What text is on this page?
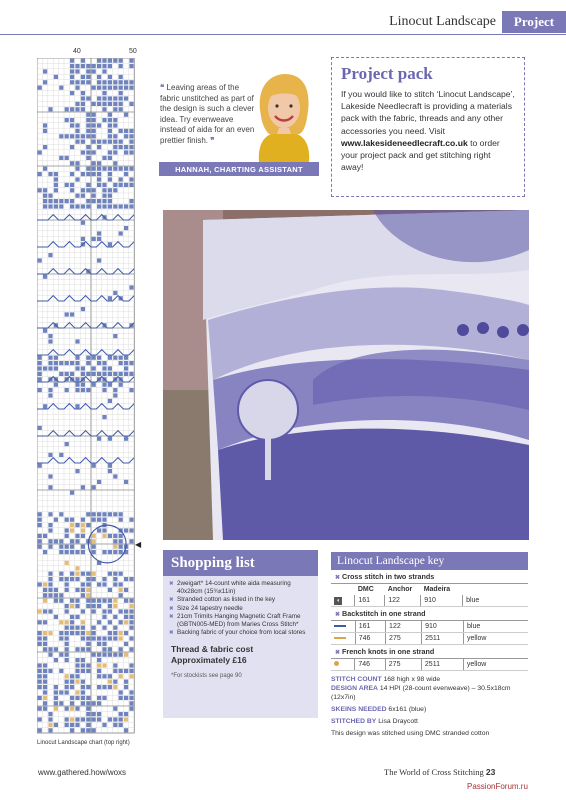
Linocut Landscape	Project
40	50
◀
Linocut Landscape chart (top right)
❝ Leaving areas of the fabric unstitched as part of the design is such a clever idea. Try evenweave instead of aida for an even prettier finish. ❞
HANNAH, CHARTING ASSISTANT
Project pack
If you would like to stitch ‘Linocut Landscape’, Lakeside Needlecraft is providing a materials pack with the fabric, threads and any other accessories you need. Visit www.lakesideneedlecraft.co.uk to order your project pack and get stitching right away!
Shopping list
✖ 2weigart* 14-count white aida measuring 40x28cm (15¾x11in)
✖ Stranded cotton as listed in the key
✖ Size 24 tapestry needle
✖ 21cm Trimits Hanging Magnetic Craft Frame (GBTN005-MED) from Maries Cross Stitch*
✖ Backing fabric of your choice from local stores
Thread & fabric cost
Approximately £16
*For stockists see page 90
Linocut Landscape key
✖ Cross stitch in two strands
	DMC	Anchor	Madeira	
◖	161	122	910	blue
✖ Backstitch in one strand
	161	122	910	blue
	746	275	2511	yellow
✖ French knots in one strand
	746	275	2511	yellow
STITCH COUNT 168 high x 98 wide
DESIGN AREA 14 HPI (28-count evenweave) – 30.5x18cm (12x7in)
SKEINS NEEDED 6x161 (blue)
STITCHED BY Lisa Draycott
This design was stitched using DMC stranded cotton
www.gathered.how/woxs	The World of Cross Stitching 23
PassionForum.ru
